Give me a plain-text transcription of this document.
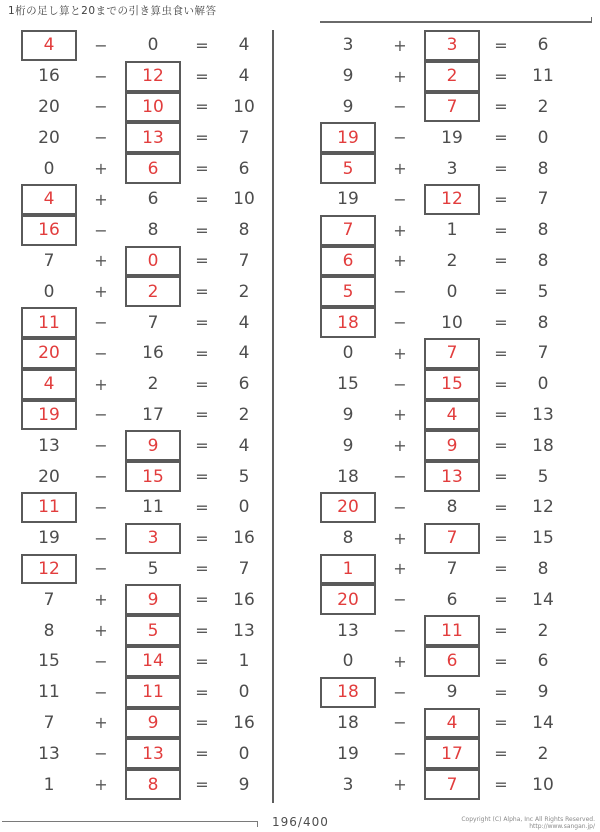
1桁の足し算と20までの引き算虫食い解答
4	−	0	=	4
16	−	12	=	4
20	−	10	=	10
20	−	13	=	7
0	+	6	=	6
4	+	6	=	10
16	−	8	=	8
7	+	0	=	7
0	+	2	=	2
11	−	7	=	4
20	−	16	=	4
4	+	2	=	6
19	−	17	=	2
13	−	9	=	4
20	−	15	=	5
11	−	11	=	0
19	−	3	=	16
12	−	5	=	7
7	+	9	=	16
8	+	5	=	13
15	−	14	=	1
11	−	11	=	0
7	+	9	=	16
13	−	13	=	0
1	+	8	=	9
3	+	3	=	6
9	+	2	=	11
9	−	7	=	2
19	−	19	=	0
5	+	3	=	8
19	−	12	=	7
7	+	1	=	8
6	+	2	=	8
5	−	0	=	5
18	−	10	=	8
0	+	7	=	7
15	−	15	=	0
9	+	4	=	13
9	+	9	=	18
18	−	13	=	5
20	−	8	=	12
8	+	7	=	15
1	+	7	=	8
20	−	6	=	14
13	−	11	=	2
0	+	6	=	6
18	−	9	=	9
18	−	4	=	14
19	−	17	=	2
3	+	7	=	10
196/400	Copyright (C) Alpha, Inc All Rights Reserved.
http://www.sangan.jp/
